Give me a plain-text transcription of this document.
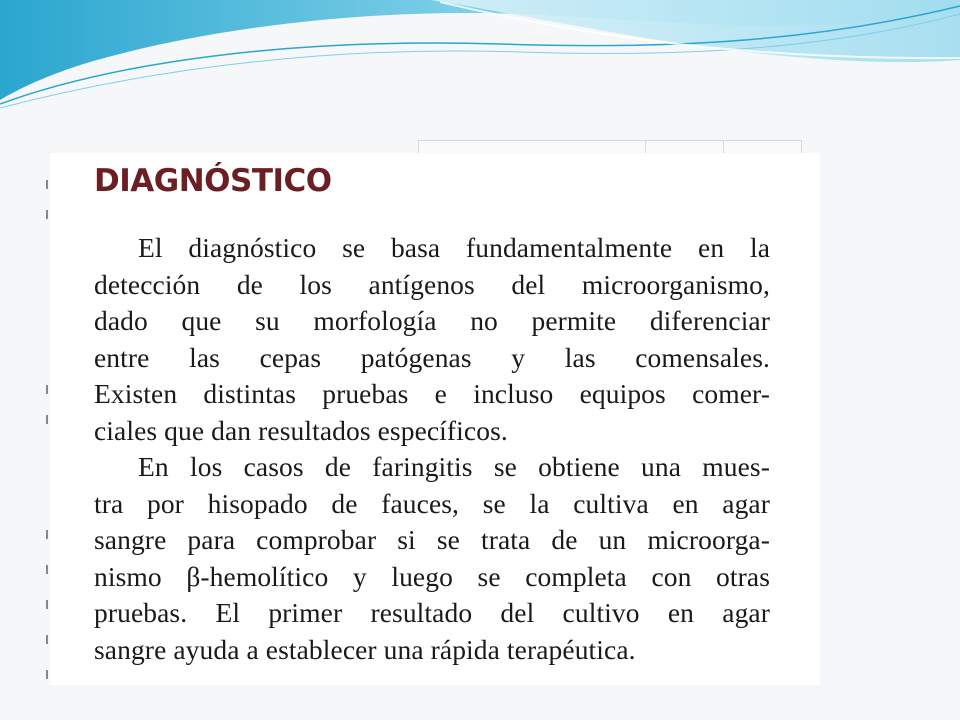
DIAGNÓSTICO

El diagnóstico se basa fundamentalmente en la
detección de los antígenos del microorganismo,
dado que su morfología no permite diferenciar
entre las cepas patógenas y las comensales.
Existen distintas pruebas e incluso equipos comer-
ciales que dan resultados específicos.

En los casos de faringitis se obtiene una mues-
tra por hisopado de fauces, se la cultiva en agar
sangre para comprobar si se trata de un microorga-
nismo β-hemolítico y luego se completa con otras
pruebas. El primer resultado del cultivo en agar
sangre ayuda a establecer una rápida terapéutica.
